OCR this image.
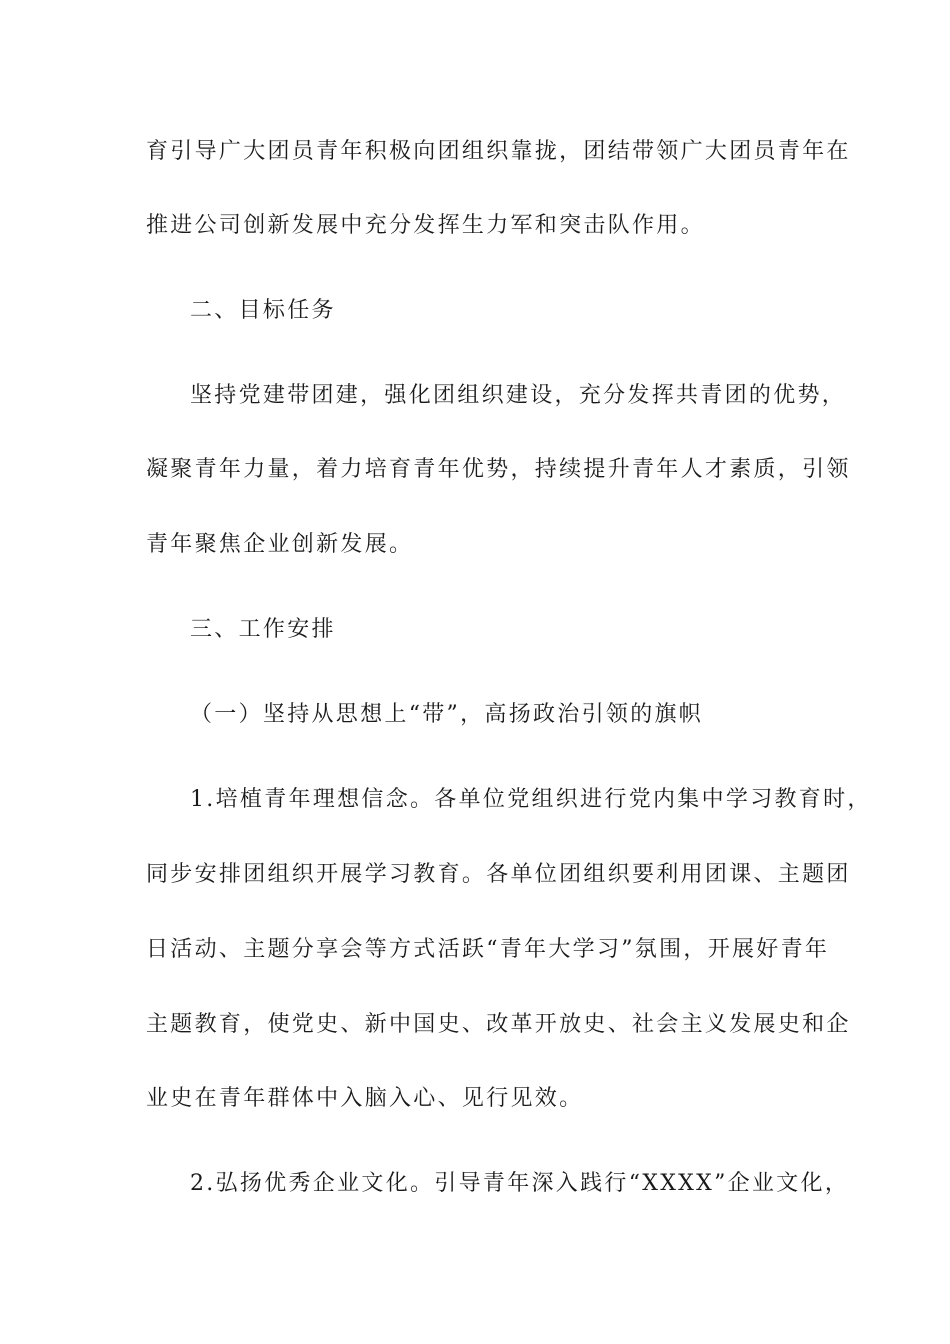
育引导广大团员青年积极向团组织靠拢，团结带领广大团员青年在
推进公司创新发展中充分发挥生力军和突击队作用。
二、目标任务
坚持党建带团建，强化团组织建设，充分发挥共青团的优势，
凝聚青年力量，着力培育青年优势，持续提升青年人才素质，引领
青年聚焦企业创新发展。
三、工作安排
（一）坚持从思想上“带”，高扬政治引领的旗帜
1.培植青年理想信念。各单位党组织进行党内集中学习教育时，
同步安排团组织开展学习教育。各单位团组织要利用团课、主题团
日活动、主题分享会等方式活跃“青年大学习”氛围，开展好青年
主题教育，使党史、新中国史、改革开放史、社会主义发展史和企
业史在青年群体中入脑入心、见行见效。
2.弘扬优秀企业文化。引导青年深入践行“XXXX”企业文化，
